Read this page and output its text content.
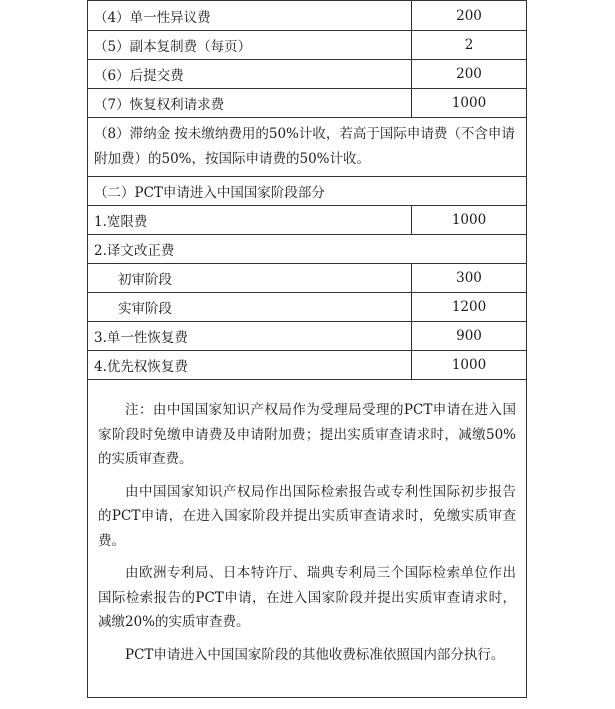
（4）单一性异议费	200
（5）副本复制费（每页）	2
（6）后提交费	200
（7）恢复权利请求费	1000
（8）滞纳金 按未缴纳费用的50%计收，若高于国际申请费（不含申请附加费）的50%，按国际申请费的50%计收。	
（二）PCT申请进入中国国家阶段部分	
1.宽限费	1000
2.译文改正费	
初审阶段	300
实审阶段	1200
3.单一性恢复费	900
4.优先权恢复费	1000

注：由中国国家知识产权局作为受理局受理的PCT申请在进入国家阶段时免缴申请费及申请附加费；提出实质审查请求时，减缴50%的实质审查费。

由中国国家知识产权局作出国际检索报告或专利性国际初步报告的PCT申请，在进入国家阶段并提出实质审查请求时，免缴实质审查费。

由欧洲专利局、日本特许厅、瑞典专利局三个国际检索单位作出国际检索报告的PCT申请，在进入国家阶段并提出实质审查请求时，减缴20%的实质审查费。

PCT申请进入中国国家阶段的其他收费标准依照国内部分执行。	
